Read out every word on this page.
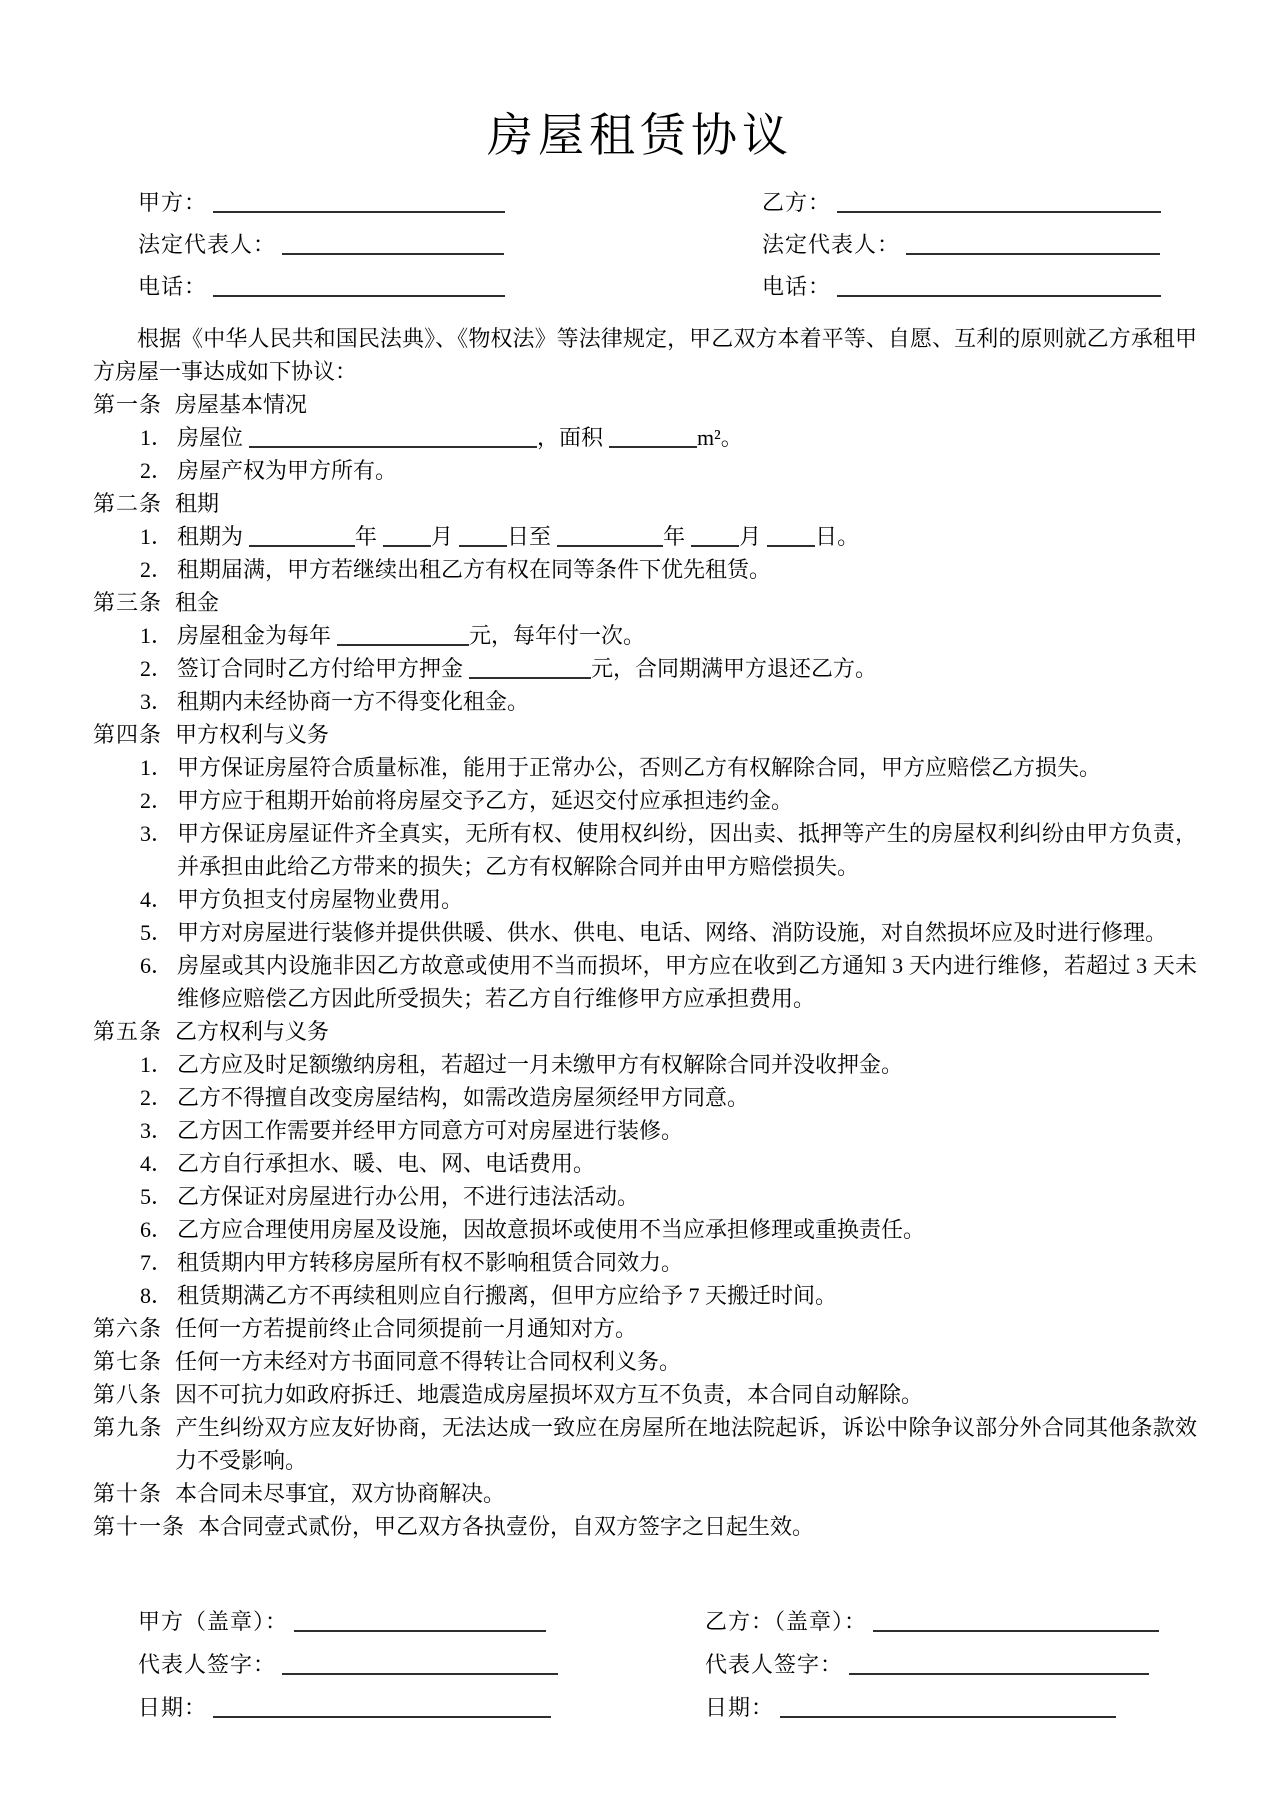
房屋租赁协议
甲方：	乙方：
法定代表人：	法定代表人：
电话：	电话：

根据《中华人民共和国民法典》、《物权法》等法律规定，甲乙双方本着平等、自愿、互利的原则就乙方承租甲方房屋一事达成如下协议：

第一条 房屋基本情况
1． 房屋位	，面积	m²。
2． 房屋产权为甲方所有。
第二条 租期
1． 租期为	年 月 日至	年 月 日。
2． 租期届满，甲方若继续出租乙方有权在同等条件下优先租赁。
第三条 租金
1． 房屋租金为每年	元，每年付一次。
2． 签订合同时乙方付给甲方押金	元，合同期满甲方退还乙方。
3． 租期内未经协商一方不得变化租金。
第四条 甲方权利与义务
1． 甲方保证房屋符合质量标准，能用于正常办公，否则乙方有权解除合同，甲方应赔偿乙方损失。
2． 甲方应于租期开始前将房屋交予乙方，延迟交付应承担违约金。
3． 甲方保证房屋证件齐全真实，无所有权、使用权纠纷，因出卖、抵押等产生的房屋权利纠纷由甲方负责，并承担由此给乙方带来的损失；乙方有权解除合同并由甲方赔偿损失。
4． 甲方负担支付房屋物业费用。
5． 甲方对房屋进行装修并提供供暖、供水、供电、电话、网络、消防设施，对自然损坏应及时进行修理。
6． 房屋或其内设施非因乙方故意或使用不当而损坏，甲方应在收到乙方通知 3 天内进行维修，若超过 3 天未维修应赔偿乙方因此所受损失；若乙方自行维修甲方应承担费用。
第五条 乙方权利与义务
1． 乙方应及时足额缴纳房租，若超过一月未缴甲方有权解除合同并没收押金。
2． 乙方不得擅自改变房屋结构，如需改造房屋须经甲方同意。
3． 乙方因工作需要并经甲方同意方可对房屋进行装修。
4． 乙方自行承担水、暖、电、网、电话费用。
5． 乙方保证对房屋进行办公用，不进行违法活动。
6． 乙方应合理使用房屋及设施，因故意损坏或使用不当应承担修理或重换责任。
7． 租赁期内甲方转移房屋所有权不影响租赁合同效力。
8． 租赁期满乙方不再续租则应自行搬离，但甲方应给予 7 天搬迁时间。
第六条 任何一方若提前终止合同须提前一月通知对方。
第七条 任何一方未经对方书面同意不得转让合同权利义务。
第八条 因不可抗力如政府拆迁、地震造成房屋损坏双方互不负责，本合同自动解除。
第九条 产生纠纷双方应友好协商，无法达成一致应在房屋所在地法院起诉，诉讼中除争议部分外合同其他条款效力不受影响。
第十条 本合同未尽事宜，双方协商解决。
第十一条 本合同壹式贰份，甲乙双方各执壹份，自双方签字之日起生效。
甲方（盖章）：	乙方：（盖章）：
代表人签字：	代表人签字：
日期：	日期：
